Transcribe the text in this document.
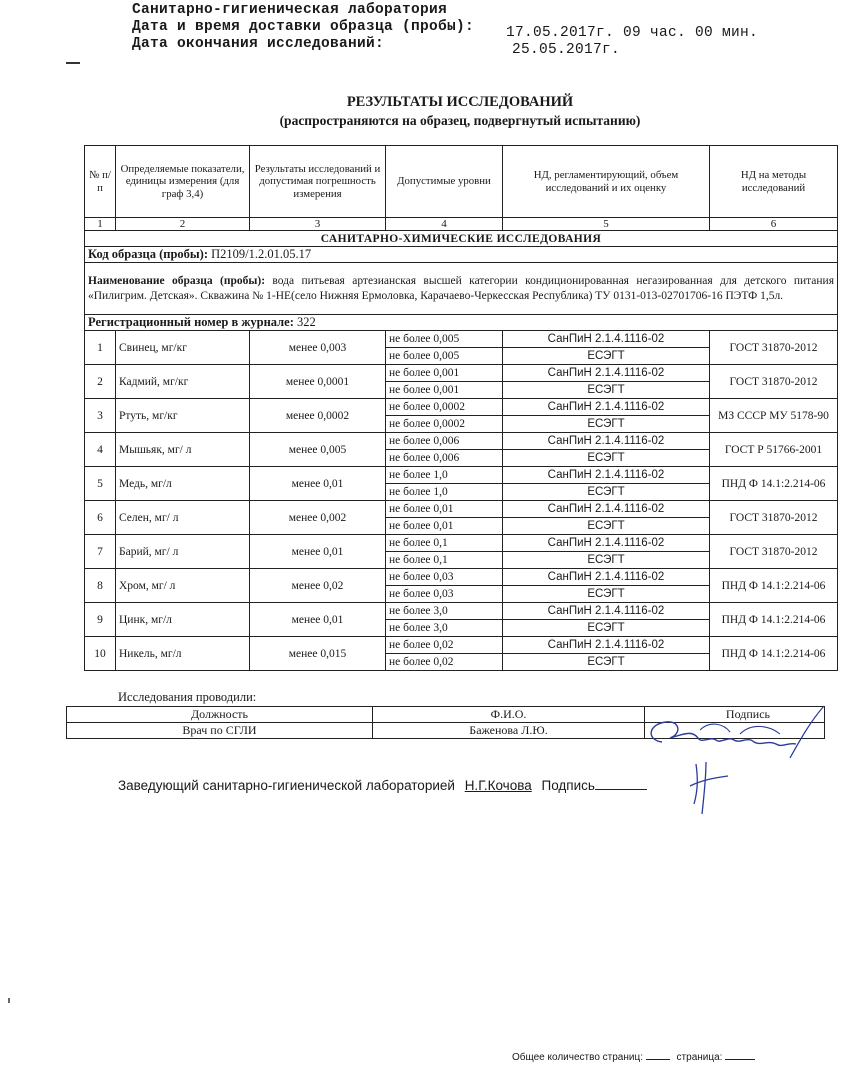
Санитарно-гигиеническая лаборатория
Дата и время доставки образца (пробы): 17.05.2017г. 09 час. 00 мин.
Дата окончания исследований:	25.05.2017г.
РЕЗУЛЬТАТЫ ИССЛЕДОВАНИЙ
(распространяются на образец, подвергнутый испытанию)
№ п/п	Определяемые показатели, единицы измерения (для граф 3,4)	Результаты исследований и допустимая погрешность измерения	Допустимые уровни	НД, регламентирующий, объем исследований и их оценку	НД на методы исследований
1	2	3	4	5	6
САНИТАРНО-ХИМИЧЕСКИЕ ИССЛЕДОВАНИЯ					
Код образца (пробы): П2109/1.2.01.05.17					
Наименование образца (пробы): вода питьевая артезианская высшей категории кондиционированная негазированная для детского питания «Пилигрим. Детская». Скважина № 1-НЕ(село Нижняя Ермоловка, Карачаево-Черкесская Республика) ТУ 0131-013-02701706-16 ПЭТФ 1,5л.					
Регистрационный номер в журнале: 322					
1	Свинец, мг/кг	менее 0,003	не более 0,005	СанПиН 2.1.4.1116-02	ГОСТ 31870-2012
			не более 0,005	ЕСЭГТ	
2	Кадмий, мг/кг	менее 0,0001	не более 0,001	СанПиН 2.1.4.1116-02	ГОСТ 31870-2012
			не более 0,001	ЕСЭГТ	
3	Ртуть, мг/кг	менее 0,0002	не более 0,0002	СанПиН 2.1.4.1116-02	МЗ СССР МУ 5178-90
			не более 0,0002	ЕСЭГТ	
4	Мышьяк, мг/ л	менее 0,005	не более 0,006	СанПиН 2.1.4.1116-02	ГОСТ Р 51766-2001
			не более 0,006	ЕСЭГТ	
5	Медь, мг/л	менее 0,01	не более 1,0	СанПиН 2.1.4.1116-02	ПНД Ф 14.1:2.214-06
			не более 1,0	ЕСЭГТ	
6	Селен, мг/ л	менее 0,002	не более 0,01	СанПиН 2.1.4.1116-02	ГОСТ 31870-2012
			не более 0,01	ЕСЭГТ	
7	Барий, мг/ л	менее 0,01	не более 0,1	СанПиН 2.1.4.1116-02	ГОСТ 31870-2012
			не более 0,1	ЕСЭГТ	
8	Хром, мг/ л	менее 0,02	не более 0,03	СанПиН 2.1.4.1116-02	ПНД Ф 14.1:2.214-06
			не более 0,03	ЕСЭГТ	
9	Цинк, мг/л	менее 0,01	не более 3,0	СанПиН 2.1.4.1116-02	ПНД Ф 14.1:2.214-06
			не более 3,0	ЕСЭГТ	
10	Никель, мг/л	менее 0,015	не более 0,02	СанПиН 2.1.4.1116-02	ПНД Ф 14.1:2.214-06
			не более 0,02	ЕСЭГТ	
Исследования проводили:
Должность	Ф.И.О.	Подпись
Врач по СГЛИ	Баженова Л.Ю.	
Заведующий санитарно-гигиенической лабораторией Н.Г.Кочова Подпись
Общее количество страниц:	страница:
